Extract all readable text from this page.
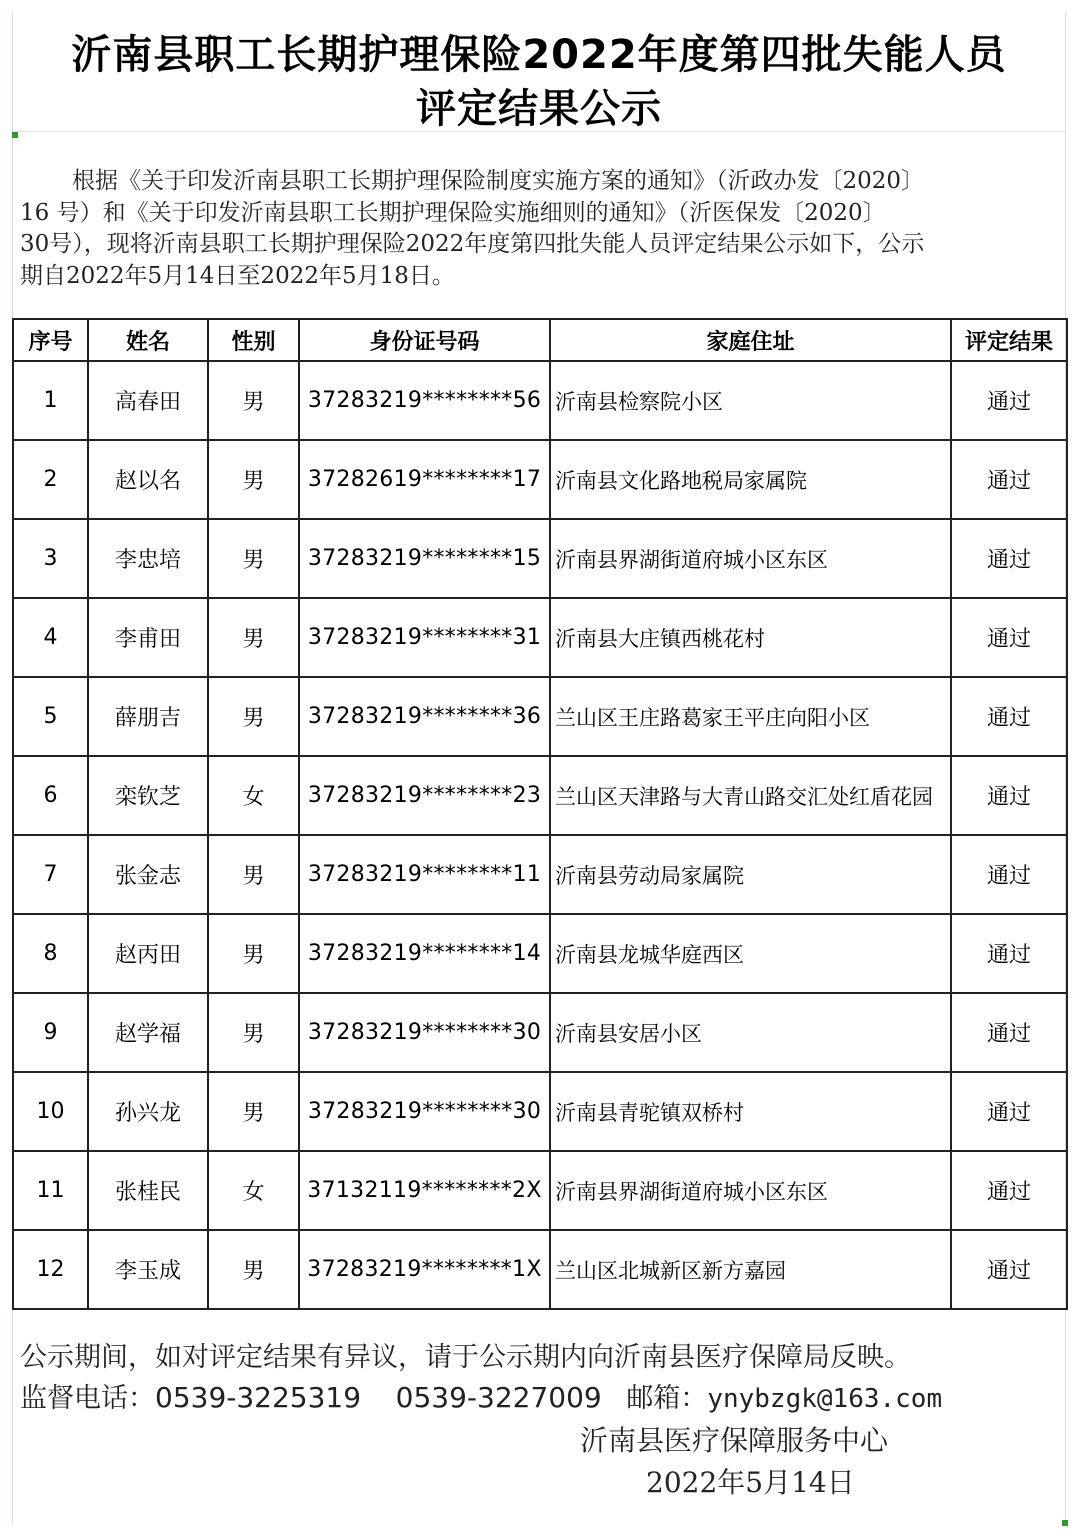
沂南县职工长期护理保险2022年度第四批失能人员
评定结果公示

根据《关于印发沂南县职工长期护理保险制度实施方案的通知》（沂政办发〔2020〕

16 号）和《关于印发沂南县职工长期护理保险实施细则的通知》（沂医保发〔2020〕

30号），现将沂南县职工长期护理保险2022年度第四批失能人员评定结果公示如下，公示

期自2022年5月14日至2022年5月18日。

序号	姓名	性别	身份证号码	家庭住址	评定结果
1	高春田	男	37283219********56	沂南县检察院小区	通过
2	赵以名	男	37282619********17	沂南县文化路地税局家属院	通过
3	李忠培	男	37283219********15	沂南县界湖街道府城小区东区	通过
4	李甫田	男	37283219********31	沂南县大庄镇西桃花村	通过
5	薛朋吉	男	37283219********36	兰山区王庄路葛家王平庄向阳小区	通过
6	栾钦芝	女	37283219********23	兰山区天津路与大青山路交汇处红盾花园	通过
7	张金志	男	37283219********11	沂南县劳动局家属院	通过
8	赵丙田	男	37283219********14	沂南县龙城华庭西区	通过
9	赵学福	男	37283219********30	沂南县安居小区	通过
10	孙兴龙	男	37283219********30	沂南县青驼镇双桥村	通过
11	张桂民	女	37132119********2X	沂南县界湖街道府城小区东区	通过
12	李玉成	男	37283219********1X	兰山区北城新区新方嘉园	通过
公示期间，如对评定结果有异议，请于公示期内向沂南县医疗保障局反映。
监督电话：0539-3225319 0539-3227009 邮箱：ynybzgk@163.com
沂南县医疗保障服务中心
2022年5月14日
